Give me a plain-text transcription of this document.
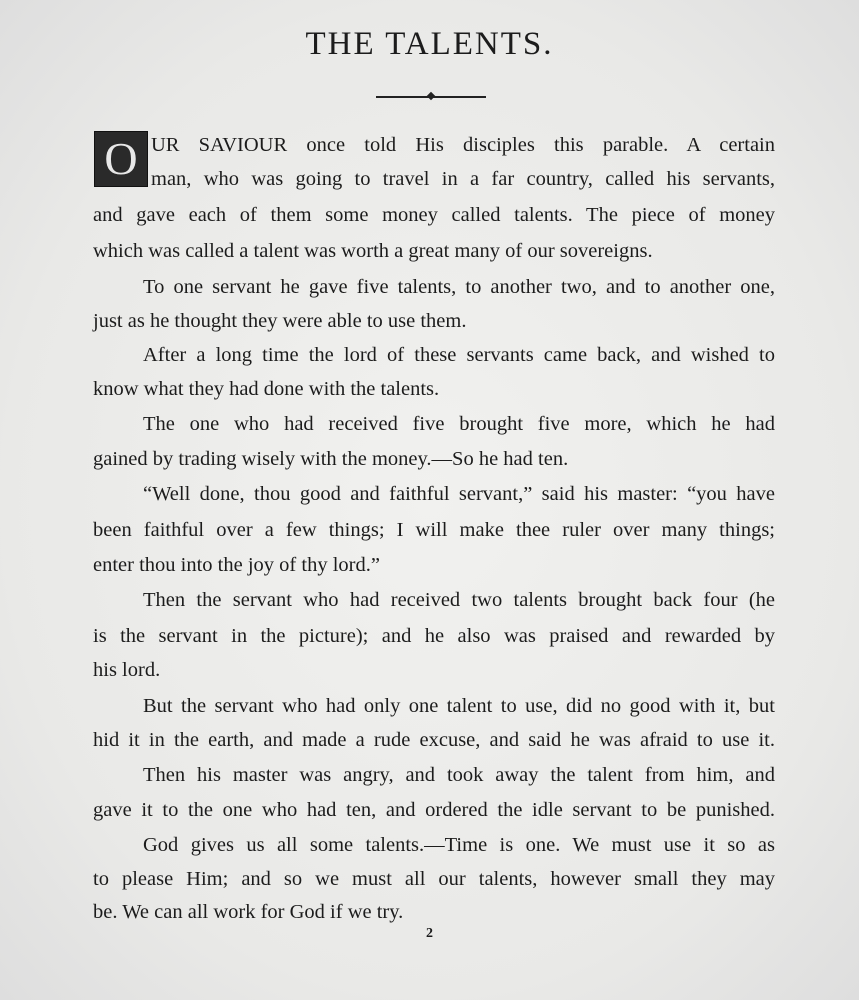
THE TALENTS.
O UR SAVIOUR once told His disciples this parable. A certain
man, who was going to travel in a far country, called his servants,
and gave each of them some money called talents. The piece of money
which was called a talent was worth a great many of our sovereigns.
To one servant he gave five talents, to another two, and to another one,
just as he thought they were able to use them.
After a long time the lord of these servants came back, and wished to
know what they had done with the talents.
The one who had received five brought five more, which he had
gained by trading wisely with the money.—So he had ten.
“Well done, thou good and faithful servant,” said his master: “you have
been faithful over a few things; I will make thee ruler over many things;
enter thou into the joy of thy lord.”
Then the servant who had received two talents brought back four (he
is the servant in the picture); and he also was praised and rewarded by
his lord.
But the servant who had only one talent to use, did no good with it, but
hid it in the earth, and made a rude excuse, and said he was afraid to use it.
Then his master was angry, and took away the talent from him, and
gave it to the one who had ten, and ordered the idle servant to be punished.
God gives us all some talents.—Time is one. We must use it so as
to please Him; and so we must all our talents, however small they may
be. We can all work for God if we try.
2
